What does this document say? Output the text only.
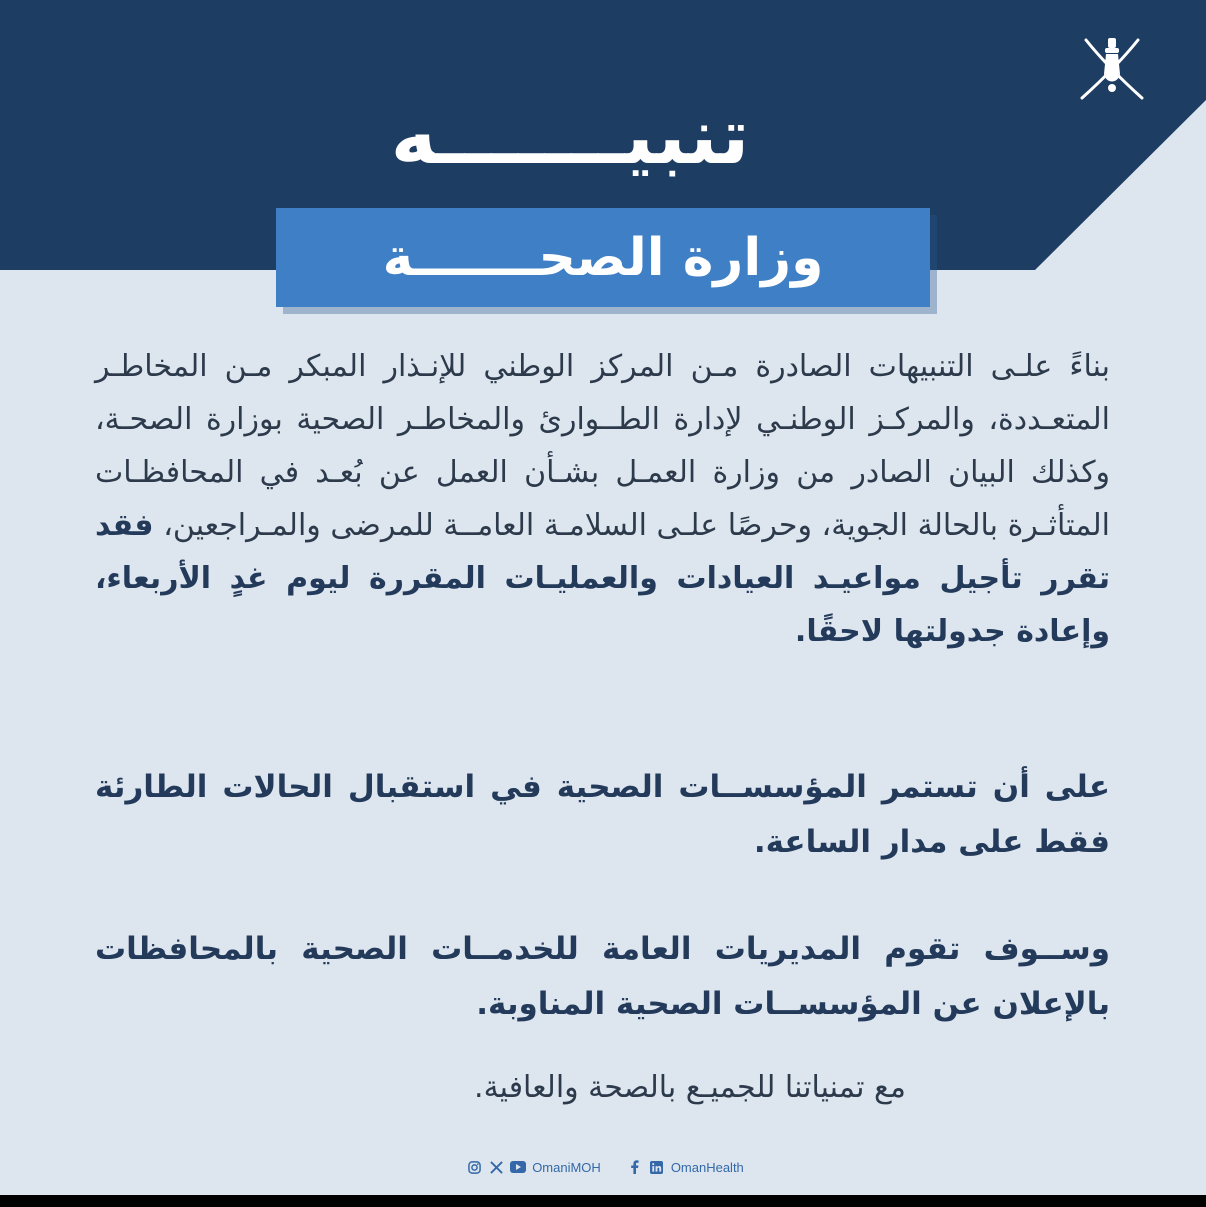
تنبيـــــــه
وزارة الصحـــــــة
بناءً علـى التنبيهات الصادرة مـن المركز الوطني للإنـذار المبكر مـن المخاطـر المتعـددة، والمركـز الوطنـي لإدارة الطــوارئ والمخاطـر الصحية بوزارة الصحـة، وكذلك البيان الصادر من وزارة العمـل بشـأن العمل عن بُعـد في المحافظـات المتأثـرة بالحالة الجوية، وحرصًا علـى السلامـة العامــة للمرضى والمـراجعين، فقد تقرر تأجيل مواعيـد العيادات والعمليـات المقررة ليوم غدٍ الأربعاء، وإعادة جدولتها لاحقًا.
على أن تستمر المؤسســات الصحية في استقبال الحالات الطارئة فقط على مدار الساعة.
وســوف تقوم المديريات العامة للخدمــات الصحية بالمحافظات بالإعلان عن المؤسســات الصحية المناوبة.
مع تمنياتنا للجميـع بالصحة والعافية.
OmaniMOH	OmanHealth
